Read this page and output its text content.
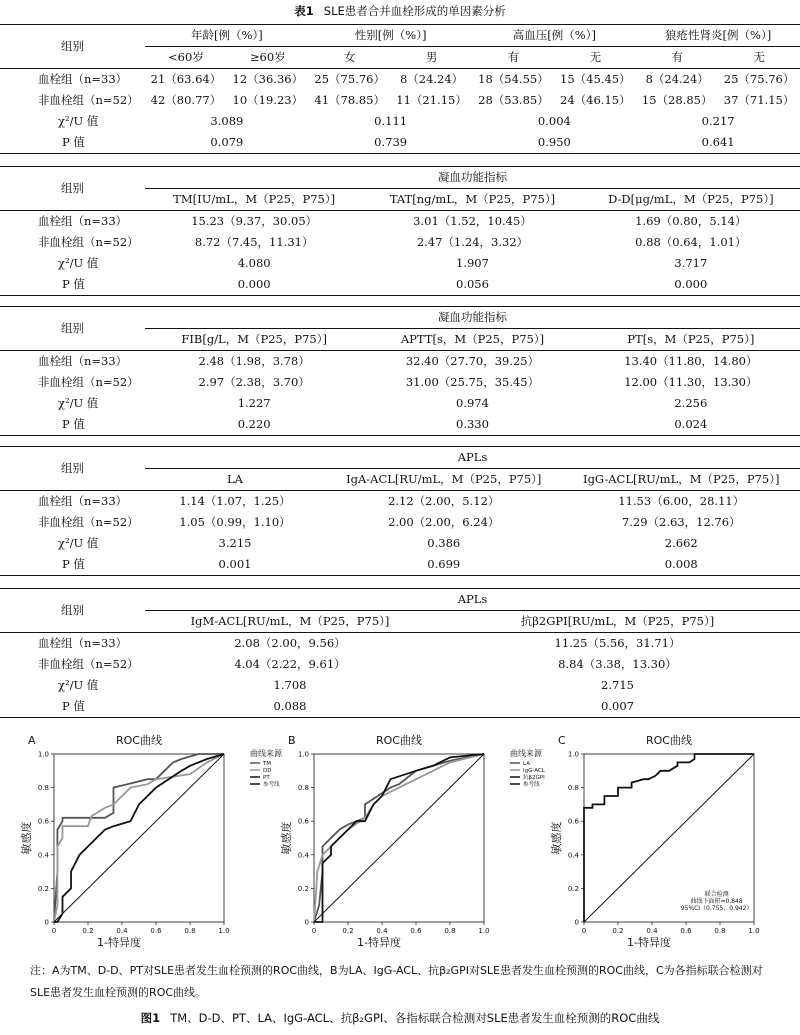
表1 SLE患者合并血栓形成的单因素分析
组别	年龄[例（%）]		性别[例（%）]		高血压[例（%）]		狼疮性肾炎[例（%）]	
	<60岁	≥60岁	女	男	有	无	有	无
血栓组（n=33）	21（63.64）	12（36.36）	25（75.76）	8（24.24）	18（54.55）	15（45.45）	8（24.24）	25（75.76）
非血栓组（n=52）	42（80.77）	10（19.23）	41（78.85）	11（21.15）	28（53.85）	24（46.15）	15（28.85）	37（71.15）
χ²/U 值	3.089		0.111		0.004		0.217	
P 值	0.079		0.739		0.950		0.641	
组别	凝血功能指标		
	TM[IU/mL，M（P25，P75）]	TAT[ng/mL，M（P25，P75）]	D-D[μg/mL，M（P25，P75）]
血栓组（n=33）	15.23（9.37，30.05）	3.01（1.52，10.45）	1.69（0.80，5.14）
非血栓组（n=52）	8.72（7.45，11.31）	2.47（1.24，3.32）	0.88（0.64，1.01）
χ²/U 值	4.080	1.907	3.717
P 值	0.000	0.056	0.000
组别	凝血功能指标		
	FIB[g/L，M（P25，P75）]	APTT[s，M（P25，P75）]	PT[s，M（P25，P75）]
血栓组（n=33）	2.48（1.98，3.78）	32.40（27.70，39.25）	13.40（11.80，14.80）
非血栓组（n=52）	2.97（2.38，3.70）	31.00（25.75，35.45）	12.00（11.30，13.30）
χ²/U 值	1.227	0.974	2.256
P 值	0.220	0.330	0.024
组别	APLs		
	LA	IgA-ACL[RU/mL，M（P25，P75）]	IgG-ACL[RU/mL，M（P25，P75）]
血栓组（n=33）	1.14（1.07，1.25）	2.12（2.00，5.12）	11.53（6.00，28.11）
非血栓组（n=52）	1.05（0.99，1.10）	2.00（2.00，6.24）	7.29（2.63，12.76）
χ²/U 值	3.215	0.386	2.662
P 值	0.001	0.699	0.008
组别	APLs	
	IgM-ACL[RU/mL，M（P25，P75）]	抗β2GPⅠ[RU/mL，M（P25，P75）]
血栓组（n=33）	2.08（2.00，9.56）	11.25（5.56，31.71）
非血栓组（n=52）	4.04（2.22，9.61）	8.84（3.38，13.30）
χ²/U 值	1.708	2.715
P 值	0.088	0.007
A	ROC曲线
0
0
0.2
0.2
0.4
0.4
0.6
0.6
0.8
0.8
1.0
1.0
1-特异度
敏感度
曲线来源
TM
DD
PT
参考线
B	ROC曲线
0
0
0.2
0.2
0.4
0.4
0.6
0.6
0.8
0.8
1.0
1.0
1-特异度
敏感度
曲线来源
LA
IgG-ACL
抗β2GPⅠ
参考线
C	ROC曲线
0
0
0.2
0.2
0.4
0.4
0.6
0.6
0.8
0.8
1.0
1.0
1-特异度
敏感度
联合检测
曲线下面积=0.848
95%CI（0.755，0.942）
注：A为TM、D-D、PT对SLE患者发生血栓预测的ROC曲线，B为LA、IgG-ACL、抗β₂GPⅠ对SLE患者发生血栓预测的ROC曲线，C为各指标联合检测对SLE患者发生血栓预测的ROC曲线。
图1 TM、D-D、PT、LA、IgG-ACL、抗β₂GPⅠ、各指标联合检测对SLE患者发生血栓预测的ROC曲线
